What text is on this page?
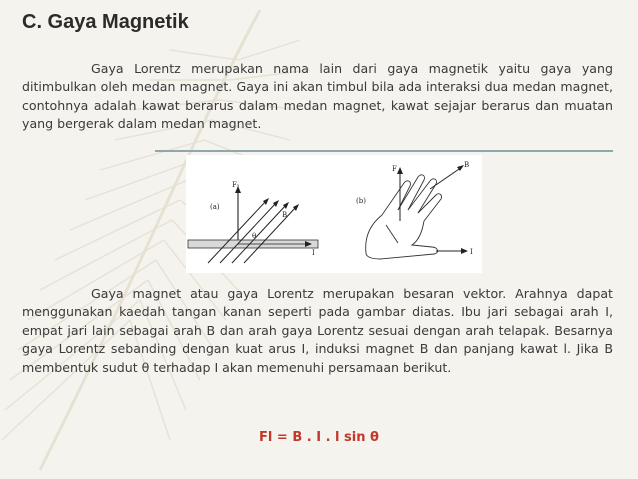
C. Gaya Magnetik

Gaya Lorentz merupakan nama lain dari gaya magnetik yaitu gaya yang ditimbulkan oleh medan magnet. Gaya ini akan timbul bila ada interaksi dua medan magnet, contohnya adalah kawat berarus dalam medan magnet, kawat sejajar berarus dan muatan yang bergerak dalam medan magnet.

(a)
F l
B
θ
I
(b)
F	B
I

Gaya magnet atau gaya Lorentz merupakan besaran vektor. Arahnya dapat menggunakan kaedah tangan kanan seperti pada gambar diatas. Ibu jari sebagai arah I, empat jari lain sebagai arah B dan arah gaya Lorentz sesuai dengan arah telapak. Besarnya gaya Lorentz sebanding dengan kuat arus I, induksi magnet B dan panjang kawat l. Jika B membentuk sudut θ terhadap I akan memenuhi persamaan berikut.

Fl = B . I . l sin θ
